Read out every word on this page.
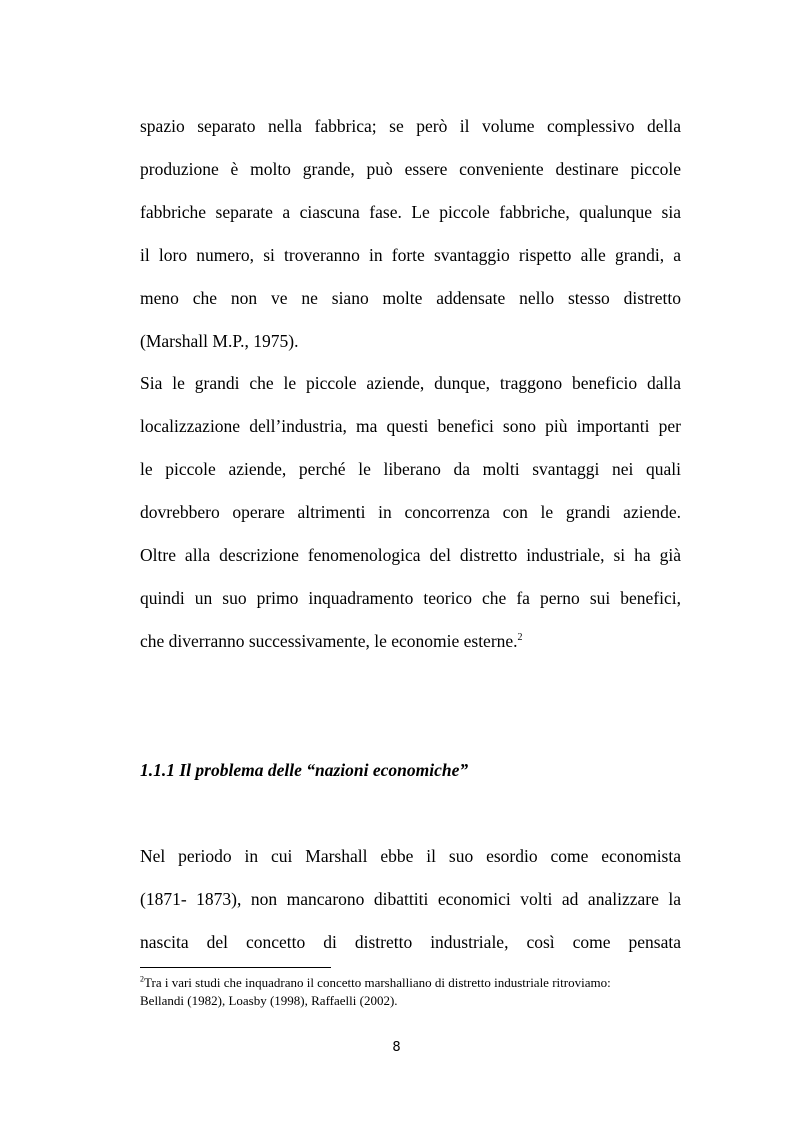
spazio separato nella fabbrica; se però il volume complessivo della
produzione è molto grande, può essere conveniente destinare piccole
fabbriche separate a ciascuna fase. Le piccole fabbriche, qualunque sia
il loro numero, si troveranno in forte svantaggio rispetto alle grandi, a
meno che non ve ne siano molte addensate nello stesso distretto
(Marshall M.P., 1975).
Sia le grandi che le piccole aziende, dunque, traggono beneficio dalla
localizzazione dell’industria, ma questi benefici sono più importanti per
le piccole aziende, perché le liberano da molti svantaggi nei quali
dovrebbero operare altrimenti in concorrenza con le grandi aziende.
Oltre alla descrizione fenomenologica del distretto industriale, si ha già
quindi un suo primo inquadramento teorico che fa perno sui benefici,
che diverranno successivamente, le economie esterne.$^2$
1.1.1 Il problema delle “nazioni economiche”
Nel periodo in cui Marshall ebbe il suo esordio come economista
(1871- 1873), non mancarono dibattiti economici volti ad analizzare la
nascita del concetto di distretto industriale, così come pensata
$^2$Tra i vari studi che inquadrano il concetto marshalliano di distretto industriale ritroviamo:
Bellandi (1982), Loasby (1998), Raffaelli (2002).
8
